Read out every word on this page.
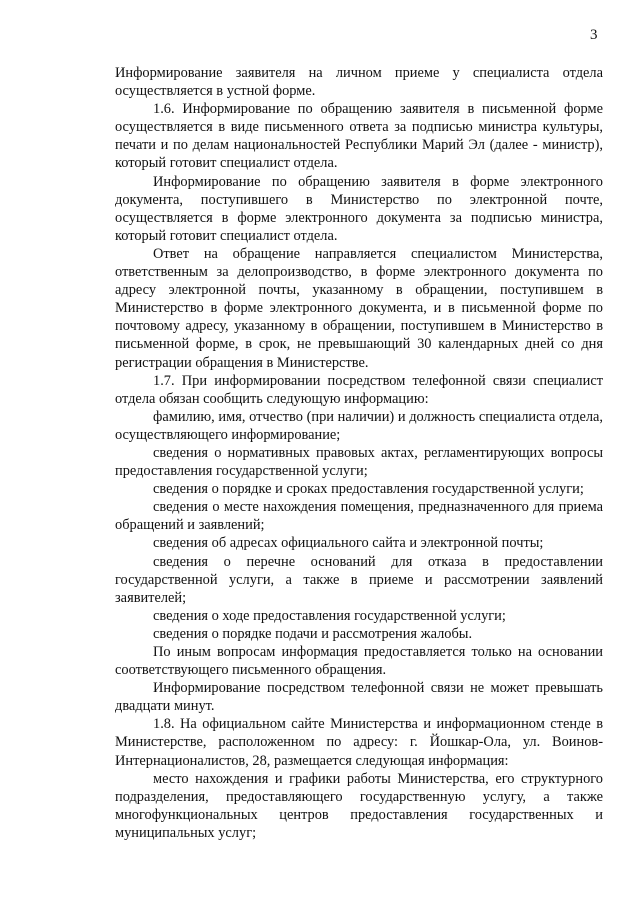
3

Информирование заявителя на личном приеме у специалиста отдела осуществляется в устной форме.

1.6. Информирование по обращению заявителя в письменной форме осуществляется в виде письменного ответа за подписью министра культуры, печати и по делам национальностей Республики Марий Эл (далее - министр), который готовит специалист отдела.

Информирование по обращению заявителя в форме электронного документа, поступившего в Министерство по электронной почте, осуществляется в форме электронного документа за подписью министра, который готовит специалист отдела.

Ответ на обращение направляется специалистом Министерства, ответственным за делопроизводство, в форме электронного документа по адресу электронной почты, указанному в обращении, поступившем в Министерство в форме электронного документа, и в письменной форме по почтовому адресу, указанному в обращении, поступившем в Министерство в письменной форме, в срок, не превышающий 30 календарных дней со дня регистрации обращения в Министерстве.

1.7. При информировании посредством телефонной связи специалист отдела обязан сообщить следующую информацию:

фамилию, имя, отчество (при наличии) и должность специалиста отдела, осуществляющего информирование;

сведения о нормативных правовых актах, регламентирующих вопросы предоставления государственной услуги;

сведения о порядке и сроках предоставления государственной услуги;

сведения о месте нахождения помещения, предназначенного для приема обращений и заявлений;

сведения об адресах официального сайта и электронной почты;

сведения о перечне оснований для отказа в предоставлении государственной услуги, а также в приеме и рассмотрении заявлений заявителей;

сведения о ходе предоставления государственной услуги;

сведения о порядке подачи и рассмотрения жалобы.

По иным вопросам информация предоставляется только на основании соответствующего письменного обращения.

Информирование посредством телефонной связи не может превышать двадцати минут.

1.8. На официальном сайте Министерства и информационном стенде в Министерстве, расположенном по адресу: г. Йошкар-Ола, ул. Воинов-Интернационалистов, 28, размещается следующая информация:

место нахождения и графики работы Министерства, его структурного подразделения, предоставляющего государственную услугу, а также многофункциональных центров предоставления государственных и муниципальных услуг;
